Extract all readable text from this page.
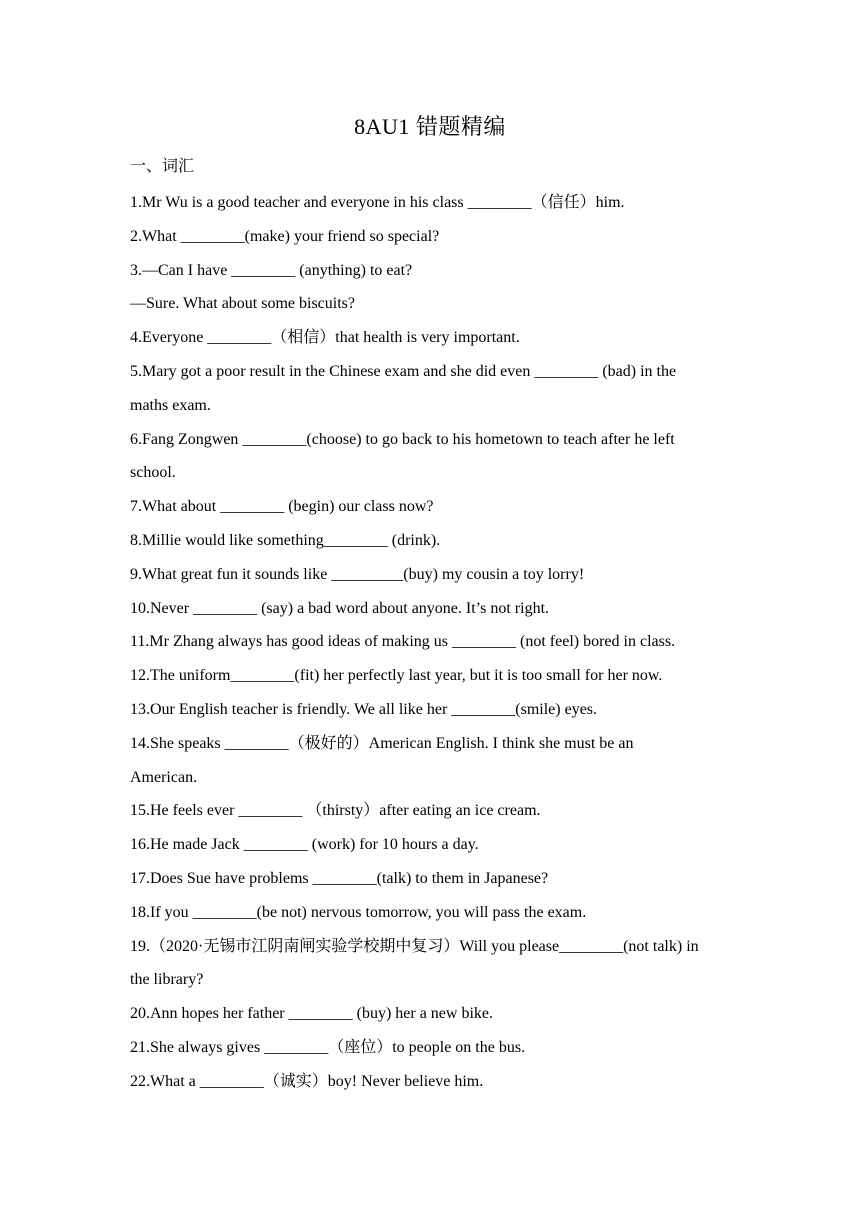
8AU1 错题精编
一、词汇
1.Mr Wu is a good teacher and everyone in his class ________（信任）him.
2.What ________(make) your friend so special?
3.—Can I have ________ (anything) to eat?
—Sure. What about some biscuits?
4.Everyone ________（相信）that health is very important.
5.Mary got a poor result in the Chinese exam and she did even ________ (bad) in the
maths exam.
6.Fang Zongwen ________(choose) to go back to his hometown to teach after he left
school.
7.What about ________ (begin) our class now?
8.Millie would like something________ (drink).
9.What great fun it sounds like _________(buy) my cousin a toy lorry!
10.Never ________ (say) a bad word about anyone. It’s not right.
11.Mr Zhang always has good ideas of making us ________ (not feel) bored in class.
12.The uniform________(fit) her perfectly last year, but it is too small for her now.
13.Our English teacher is friendly. We all like her ________(smile) eyes.
14.She speaks ________（极好的）American English. I think she must be an
American.
15.He feels ever ________ （thirsty）after eating an ice cream.
16.He made Jack ________ (work) for 10 hours a day.
17.Does Sue have problems ________(talk) to them in Japanese?
18.If you ________(be not) nervous tomorrow, you will pass the exam.
19.（2020·无锡市江阴南闸实验学校期中复习）Will you please________(not talk) in
the library?
20.Ann hopes her father ________ (buy) her a new bike.
21.She always gives ________（座位）to people on the bus.
22.What a ________（诚实）boy! Never believe him.
